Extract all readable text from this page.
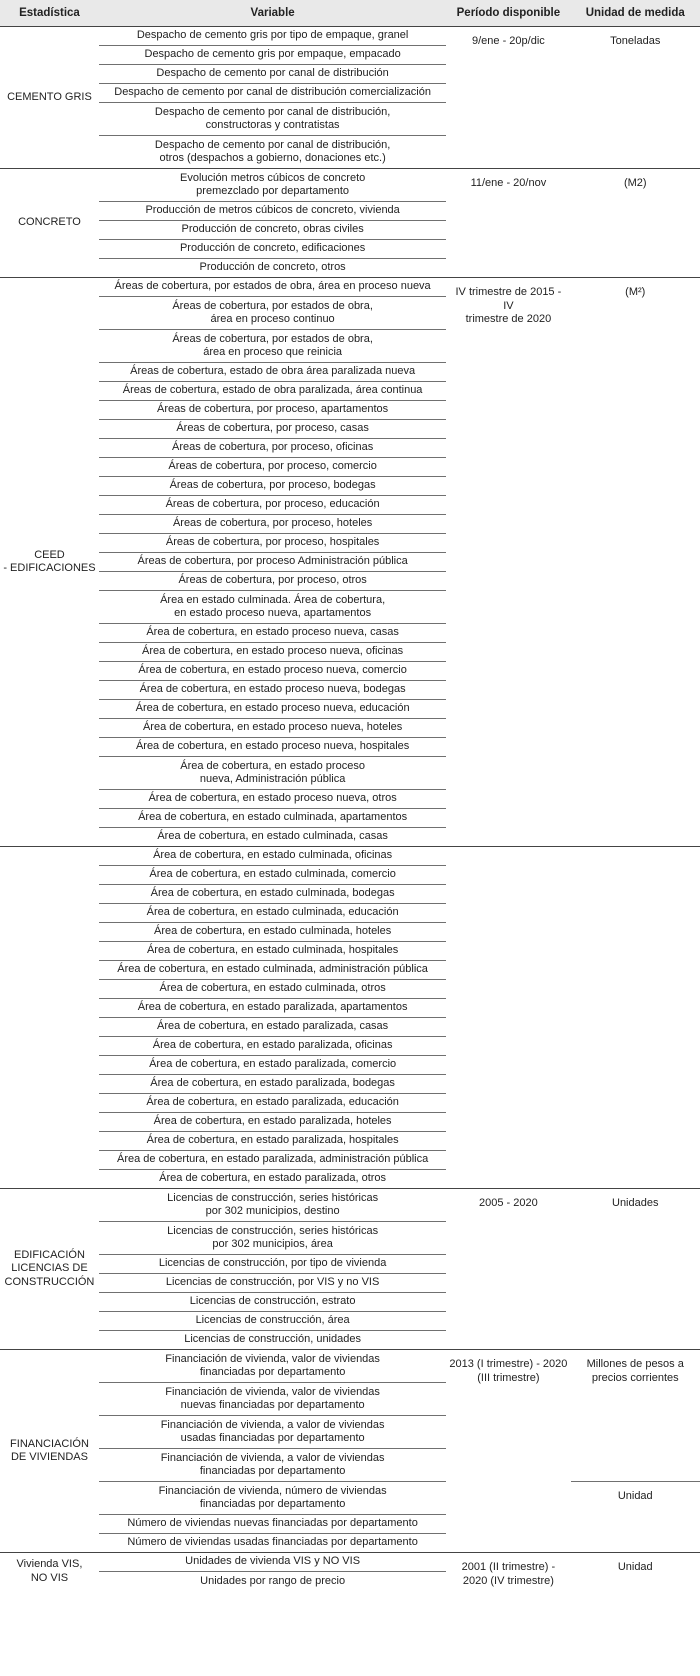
Estadística	Variable	Período disponible	Unidad de medida
CEMENTO GRIS	Despacho de cemento gris por tipo de empaque, granel	9/ene - 20p/dic	Toneladas
	Despacho de cemento gris por empaque, empacado		
	Despacho de cemento por canal de distribución		
	Despacho de cemento por canal de distribución comercialización		
	Despacho de cemento por canal de distribución,
constructoras y contratistas		
	Despacho de cemento por canal de distribución,
otros (despachos a gobierno, donaciones etc.)		
CONCRETO	Evolución metros cúbicos de concreto
premezclado por departamento	11/ene - 20/nov	(M2)
	Producción de metros cúbicos de concreto, vivienda		
	Producción de concreto, obras civiles		
	Producción de concreto, edificaciones		
	Producción de concreto, otros		
CEED
- EDIFICACIONES	Áreas de cobertura, por estados de obra, área en proceso nueva	IV trimestre de 2015 - IV
trimestre de 2020	(M²)
	Áreas de cobertura, por estados de obra,
área en proceso continuo		
	Áreas de cobertura, por estados de obra,
área en proceso que reinicia		
	Áreas de cobertura, estado de obra área paralizada nueva		
	Áreas de cobertura, estado de obra paralizada, área continua		
	Áreas de cobertura, por proceso, apartamentos		
	Áreas de cobertura, por proceso, casas		
	Áreas de cobertura, por proceso, oficinas		
	Áreas de cobertura, por proceso, comercio		
	Áreas de cobertura, por proceso, bodegas		
	Áreas de cobertura, por proceso, educación		
	Áreas de cobertura, por proceso, hoteles		
	Áreas de cobertura, por proceso, hospitales		
	Áreas de cobertura, por proceso Administración pública		
	Áreas de cobertura, por proceso, otros		
	Área en estado culminada. Área de cobertura,
en estado proceso nueva, apartamentos		
	Área de cobertura, en estado proceso nueva, casas		
	Área de cobertura, en estado proceso nueva, oficinas		
	Área de cobertura, en estado proceso nueva, comercio		
	Área de cobertura, en estado proceso nueva, bodegas		
	Área de cobertura, en estado proceso nueva, educación		
	Área de cobertura, en estado proceso nueva, hoteles		
	Área de cobertura, en estado proceso nueva, hospitales		
	Área de cobertura, en estado proceso
nueva, Administración pública		
	Área de cobertura, en estado proceso nueva, otros		
	Área de cobertura, en estado culminada, apartamentos		
	Área de cobertura, en estado culminada, casas		
	Área de cobertura, en estado culminada, oficinas		
	Área de cobertura, en estado culminada, comercio		
	Área de cobertura, en estado culminada, bodegas		
	Área de cobertura, en estado culminada, educación		
	Área de cobertura, en estado culminada, hoteles		
	Área de cobertura, en estado culminada, hospitales		
	Área de cobertura, en estado culminada, administración pública		
	Área de cobertura, en estado culminada, otros		
	Área de cobertura, en estado paralizada, apartamentos		
	Área de cobertura, en estado paralizada, casas		
	Área de cobertura, en estado paralizada, oficinas		
	Área de cobertura, en estado paralizada, comercio		
	Área de cobertura, en estado paralizada, bodegas		
	Área de cobertura, en estado paralizada, educación		
	Área de cobertura, en estado paralizada, hoteles		
	Área de cobertura, en estado paralizada, hospitales		
	Área de cobertura, en estado paralizada, administración pública		
	Área de cobertura, en estado paralizada, otros		
EDIFICACIÓN
LICENCIAS DE
CONSTRUCCIÓN	Licencias de construcción, series históricas
por 302 municipios, destino	2005 - 2020	Unidades
	Licencias de construcción, series históricas
por 302 municipios, área		
	Licencias de construcción, por tipo de vivienda		
	Licencias de construcción, por VIS y no VIS		
	Licencias de construcción, estrato		
	Licencias de construcción, área		
	Licencias de construcción, unidades		
FINANCIACIÓN
DE VIVIENDAS	Financiación de vivienda, valor de viviendas
financiadas por departamento	2013 (I trimestre) - 2020
(III trimestre)	Millones de pesos a
precios corrientes
	Financiación de vivienda, valor de viviendas
nuevas financiadas por departamento		
	Financiación de vivienda, a valor de viviendas
usadas financiadas por departamento		
	Financiación de vivienda, a valor de viviendas
financiadas por departamento		
	Financiación de vivienda, número de viviendas
financiadas por departamento		Unidad
	Número de viviendas nuevas financiadas por departamento		
	Número de viviendas usadas financiadas por departamento		
Vivienda VIS,
NO VIS	Unidades de vivienda VIS y NO VIS	2001 (II trimestre) -
2020 (IV trimestre)	Unidad
	Unidades por rango de precio		
